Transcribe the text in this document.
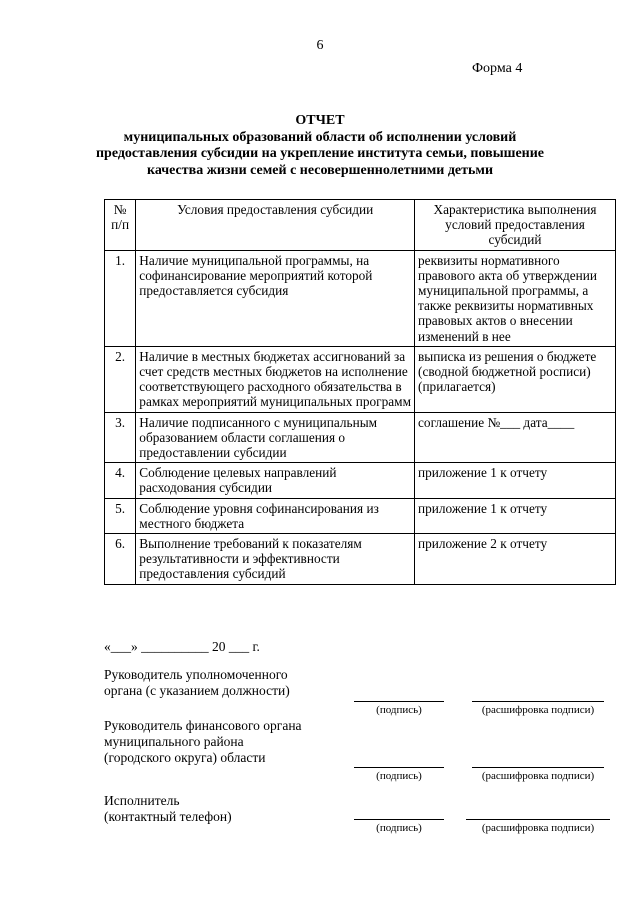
6
Форма 4
ОТЧЕТ
муниципальных образований области об исполнении условий
предоставления субсидии на укрепление института семьи, повышение
качества жизни семей с несовершеннолетними детьми
№ п/п	Условия предоставления субсидии	Характеристика выполнения условий предоставления субсидий
1.	Наличие муниципальной программы, на софинансирование мероприятий которой предоставляется субсидия	реквизиты нормативного правового акта об утверждении муниципальной программы, а также реквизиты нормативных правовых актов о внесении изменений в нее
2.	Наличие в местных бюджетах ассигнований за счет средств местных бюджетов на исполнение соответствующего расходного обязательства в рамках мероприятий муниципальных программ	выписка из решения о бюджете (сводной бюджетной росписи) (прилагается)
3.	Наличие подписанного с муниципальным образованием области соглашения о предоставлении субсидии	соглашение №___ дата____
4.	Соблюдение целевых направлений расходования субсидии	приложение 1 к отчету
5.	Соблюдение уровня софинансирования из местного бюджета	приложение 1 к отчету
6.	Выполнение требований к показателям результативности и эффективности предоставления субсидий	приложение 2 к отчету
«___» __________ 20 ___ г.
Руководитель уполномоченного
органа (с указанием должности)
(подпись)	(расшифровка подписи)
Руководитель финансового органа
муниципального района
(городского округа) области
(подпись)	(расшифровка подписи)
Исполнитель
(контактный телефон)
(подпись)	(расшифровка подписи)
